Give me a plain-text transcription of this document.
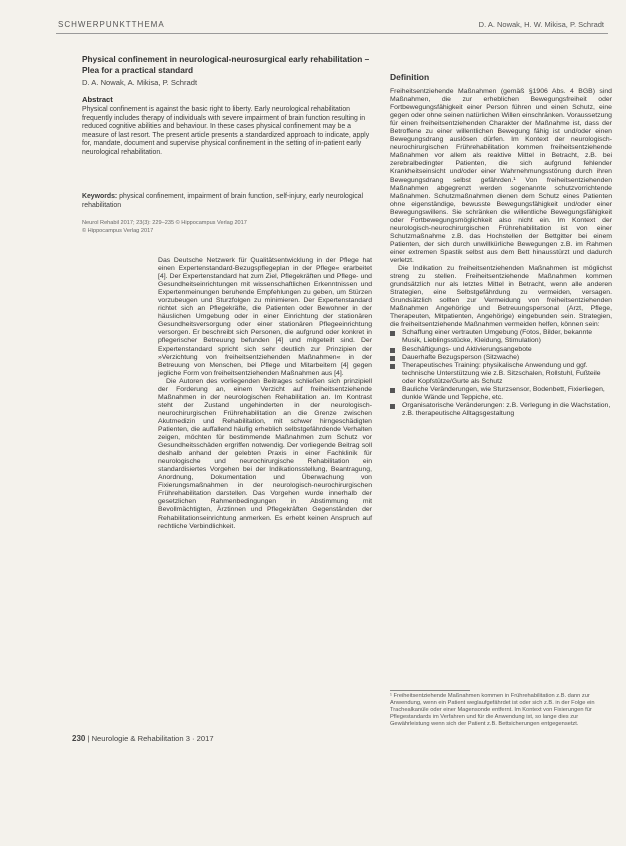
SCHWERPUNKTTHEMA	D. A. Nowak, H. W. Mikisa, P. Schradt
Physical confinement in neurological-neurosurgical early rehabilitation – Plea for a practical standard
D. A. Nowak, A. Mikisa, P. Schradt
Abstract
Physical confinement is against the basic right to liberty. Early neurological rehabilitation frequently includes therapy of individuals with severe impairment of brain function resulting in reduced cognitive abilities and behaviour. In these cases physical confinement may be a measure of last resort. The present article presents a standardized approach to indicate, apply for, mandate, document and supervise physical confinement in the setting of in-patient early neurological rehabilitation.
Keywords: physical confinement, impairment of brain function, self-injury, early neurological rehabilitation
Neurol Rehabil 2017; 23(3): 229–235 © Hippocampus Verlag 2017
© Hippocampus Verlag 2017

Das Deutsche Netzwerk für Qualitätsentwicklung in der Pflege hat einen Expertenstandard-Bezugspflegeplan in der Pflege« erarbeitet [4]. Der Expertenstandard hat zum Ziel, Pflegekräften und Pflege- und Gesundheitseinrichtungen mit wissenschaftlichen Erkenntnissen und Expertenmeinungen beruhende Empfehlungen zu geben, um Stürzen vorzubeugen und Sturzfolgen zu minimieren. Der Expertenstandard richtet sich an Pflegekräfte, die Patienten oder Bewohner in der häuslichen Umgebung oder in einer Einrichtung der stationären Gesundheitsversorgung oder einer stationären Pflegeeinrichtung versorgen. Er beschreibt sich Personen, die aufgrund oder konkret in pflegerischer Betreuung befunden [4] und mitgeteilt sind. Der Expertenstandard spricht sich sehr deutlich zur Prinzipien der »Verzichtung von freiheitsentziehenden Maßnahmen« in der Betreuung von Menschen, bei Pflege und Mitarbeitern [4] gegen jegliche Form von freiheitsentziehenden Maßnahmen aus [4].

Die Autoren des vorliegenden Beitrages schließen sich prinzipiell der Forderung an, einem Verzicht auf freiheitsentziehende Maßnahmen in der neurologischen Rehabilitation an. Im Kontrast steht der Zustand ungehinderten in der neurologisch-neurochirurgischen Frührehabilitation an die Grenze zwischen Akutmedizin und Rehabilitation, mit schwer hirngeschädigten Patienten, die auffallend häufig erheblich selbstgefährdende Verhalten zeigen, möchten für bestimmende Maßnahmen zum Schutz vor Gesundheitsschäden ergriffen notwendig. Der vorliegende Beitrag soll deshalb anhand der gelebten Praxis in einer Fachklinik für neurologische und neurochirurgische Rehabilitation ein standardisiertes Vorgehen bei der Indikationsstellung, Beantragung, Anordnung, Dokumentation und Überwachung von Fixierungsmaßnahmen in der neurologisch-neurochirurgischen Frührehabilitation darstellen. Das Vorgehen wurde innerhalb der gesetzlichen Rahmenbedingungen in Abstimmung mit Bevollmächtigten, Ärztinnen und Pflegekräften Gegenständen der Rehabilitationseinrichtung anmerken. Es erhebt keinen Anspruch auf rechtliche Verbindlichkeit.

Definition

Freiheitsentziehende Maßnahmen (gemäß §1906 Abs. 4 BGB) sind Maßnahmen, die zur erheblichen Bewegungsfreiheit oder Fortbewegungsfähigkeit einer Person führen und einen Schutz, eine gegen oder ohne seinen natürlichen Willen einschränken. Voraussetzung für einen freiheitsentziehenden Charakter der Maßnahme ist, dass der Betroffene zu einer willentlichen Bewegung fähig ist und/oder einen Bewegungsdrang auslösen dürfen. Im Kontext der neurologisch-neurochirurgischen Frührehabilitation kommen freiheitsentziehende Maßnahmen vor allem als reaktive Mittel in Betracht, z.B. bei zerebralbedingter Patienten, die sich aufgrund fehlender Krankheitseinsicht und/oder einer Wahrnehmungsstörung durch ihren Bewegungsdrang selbst gefährden.¹ Von freiheitsentziehenden Maßnahmen abgegrenzt werden sogenannte schutzvorrichtende Maßnahmen. Schutzmaßnahmen dienen dem Schutz eines Patienten ohne eigenständige, bewusste Bewegungsfähigkeit und/oder einer Bewegungswillens. Sie schränken die willentliche Bewegungsfähigkeit oder Fortbewegungsmöglichkeit also nicht ein. Im Kontext der neurologisch-neurochirurgischen Frührehabilitation ist von einer Schutzmaßnahme z.B. das Hochstellen der Bettgitter bei einem Patienten, der sich durch unwillkürliche Bewegungen z.B. im Rahmen einer extremen Spastik selbst aus dem Bett hinausstürzt und dadurch verletzt.

Die Indikation zu freiheitsentziehenden Maßnahmen ist möglichst streng zu stellen. Freiheitsentziehende Maßnahmen kommen grundsätzlich nur als letztes Mittel in Betracht, wenn alle anderen Strategien, eine Selbstgefährdung zu vermeiden, versagen. Grundsätzlich sollten zur Vermeidung von freiheitsentziehenden Maßnahmen Angehörige und Betreuungspersonal (Arzt, Pflege, Therapeuten, Mitpatienten, Angehörige) eingebunden sein. Strategien, die freiheitsentziehende Maßnahmen vermeiden helfen, können sein:

Schaffung einer vertrauten Umgebung (Fotos, Bilder, bekannte Musik, Lieblingsstücke, Kleidung, Stimulation)
Beschäftigungs- und Aktivierungsangebote
Dauerhafte Bezugsperson (Sitzwache)
Therapeutisches Training: physikalische Anwendung und ggf. technische Unterstützung wie z.B. Sitzschalen, Rollstuhl, Fußteile oder Kopfstütze/Gurte als Schutz
Bauliche Veränderungen, wie Sturzsensor, Bodenbett, Fixierliegen, dunkle Wände und Teppiche, etc.
Organisatorische Veränderungen: z.B. Verlegung in die Wachstation, z.B. therapeutische Alltagsgestaltung
¹ Freiheitsentziehende Maßnahmen kommen in Frührehabilitation z.B. dann zur Anwendung, wenn ein Patient weglaufgefährdet ist oder sich z.B. in der Folge ein Trachealkanüle oder einer Magensonde entfernt. Im Kontext von Fixierungen für Pflegestandards im Verfahren und für die Anwendung ist, so lange dies zur Gewährleistung wenn sich der Patient z.B. Bettsicherungen entgegensetzt.
230 | Neurologie & Rehabilitation 3 · 2017
